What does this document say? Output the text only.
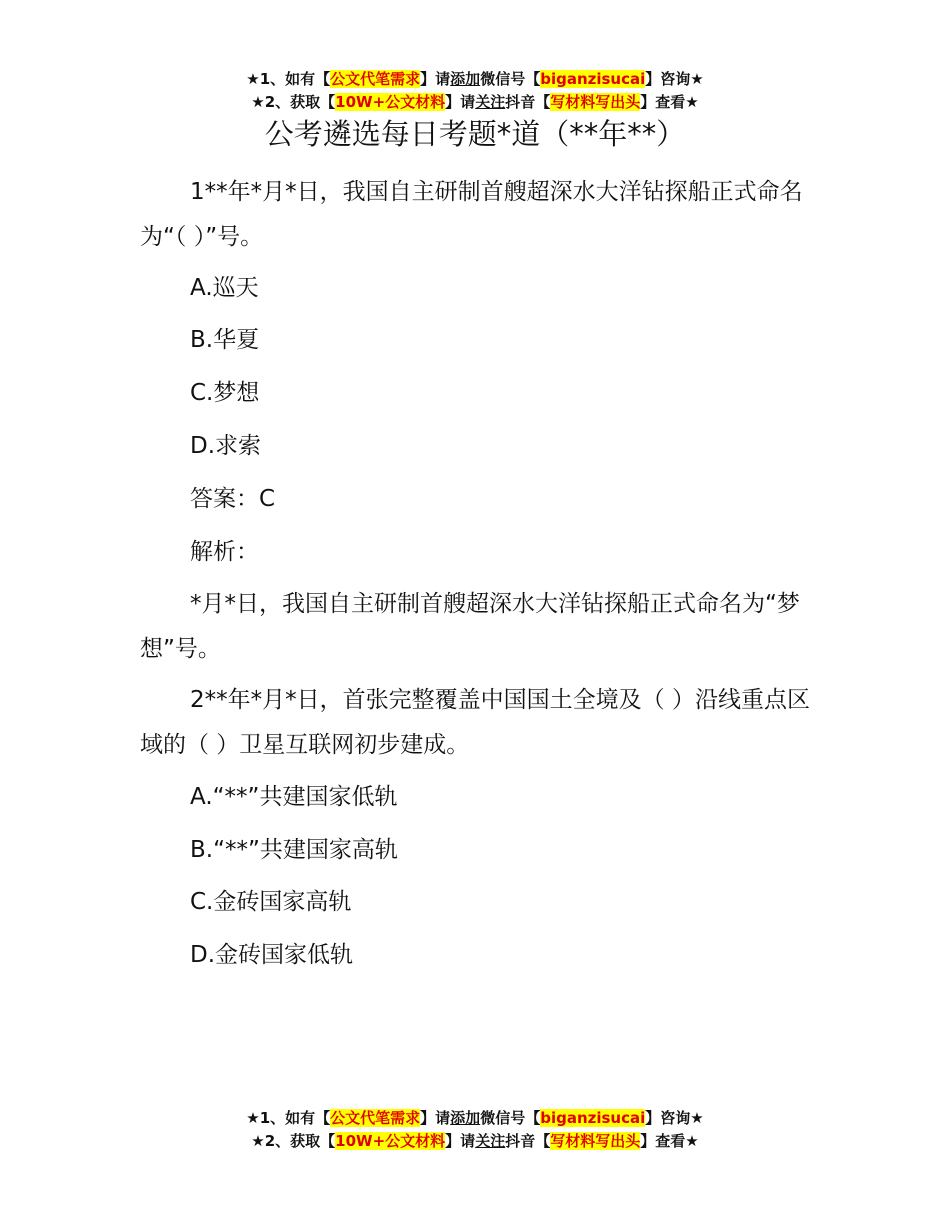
★1、如有【公文代笔需求】请添加微信号【biganzisucai】咨询★
★2、获取【10W+公文材料】请关注抖音【写材料写出头】查看★
公考遴选每日考题*道（**年**）

1**年*月*日，我国自主研制首艘超深水大洋钻探船正式命名为“（ ）”号。

A.巡天

B.华夏

C.梦想

D.求索

答案：C

解析：

*月*日，我国自主研制首艘超深水大洋钻探船正式命名为“梦想”号。

2**年*月*日，首张完整覆盖中国国土全境及（ ）沿线重点区域的（ ）卫星互联网初步建成。

A.“**”共建国家低轨

B.“**”共建国家高轨

C.金砖国家高轨

D.金砖国家低轨

★1、如有【公文代笔需求】请添加微信号【biganzisucai】咨询★
★2、获取【10W+公文材料】请关注抖音【写材料写出头】查看★
